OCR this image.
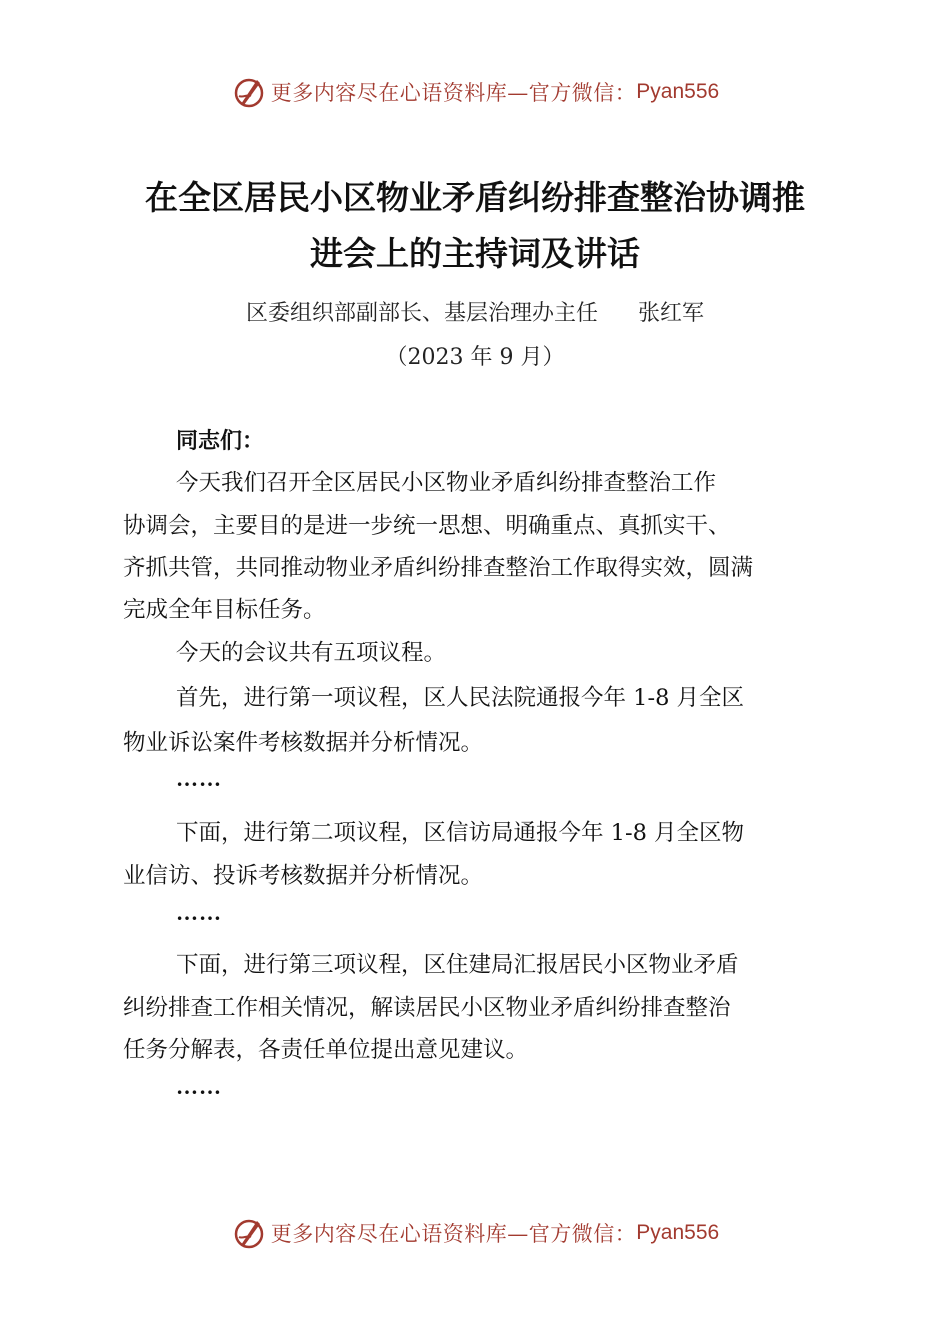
更多内容尽在心语资料库—官方微信： Pyan556
在全区居民小区物业矛盾纠纷排查整治协调推
进会上的主持词及讲话
区委组织部副部长、基层治理办主任 张红军
（2023 年 9 月）
同志们：
今天我们召开全区居民小区物业矛盾纠纷排查整治工作
协调会，主要目的是进一步统一思想、明确重点、真抓实干、
齐抓共管，共同推动物业矛盾纠纷排查整治工作取得实效，圆满
完成全年目标任务。
今天的会议共有五项议程。
首先，进行第一项议程，区人民法院通报今年 1-8 月全区
物业诉讼案件考核数据并分析情况。
……
下面，进行第二项议程，区信访局通报今年 1-8 月全区物
业信访、投诉考核数据并分析情况。
……
下面，进行第三项议程，区住建局汇报居民小区物业矛盾
纠纷排查工作相关情况，解读居民小区物业矛盾纠纷排查整治
任务分解表，各责任单位提出意见建议。
……
更多内容尽在心语资料库—官方微信： Pyan556
